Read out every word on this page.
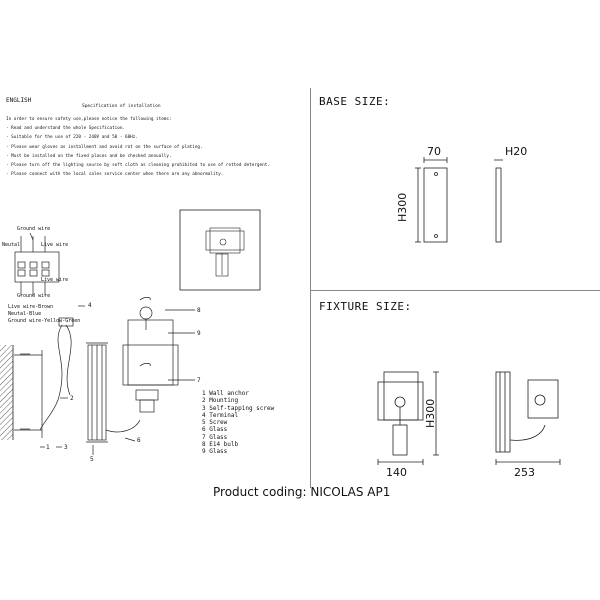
ENGLISH
Specification of installation
In order to ensure safety use,please notice the following items:
· Read and understand the whole Specification.
· Suitable for the use of 220 - 240V and 50 - 60Hz.
· Please wear gloves as installment and avoid rot on the surface of plating.
· Must be installed on the fixed places and be checked annually.
· Please turn off the lighting source by soft cloth as cleaning prohibited to use of rotted detergent.
· Please connect with the local sales service center when there are any abnormality.
Ground wire
Neutal	Live wire
Live wire
Ground wire
Live wire-Brown
Neutal-Blue
Ground wire-Yellow-Green
1
2
3
4
5
6
7
8
9
1 Wall anchor
2 Mounting
3 Self-tapping screw
4 Terminal
5 Screw
6 Glass
7 Glass
8 E14 bulb
9 Glass
BASE SIZE:
70	H20
H300
FIXTURE SIZE:
H300
140	253
Product coding: NICOLAS AP1
